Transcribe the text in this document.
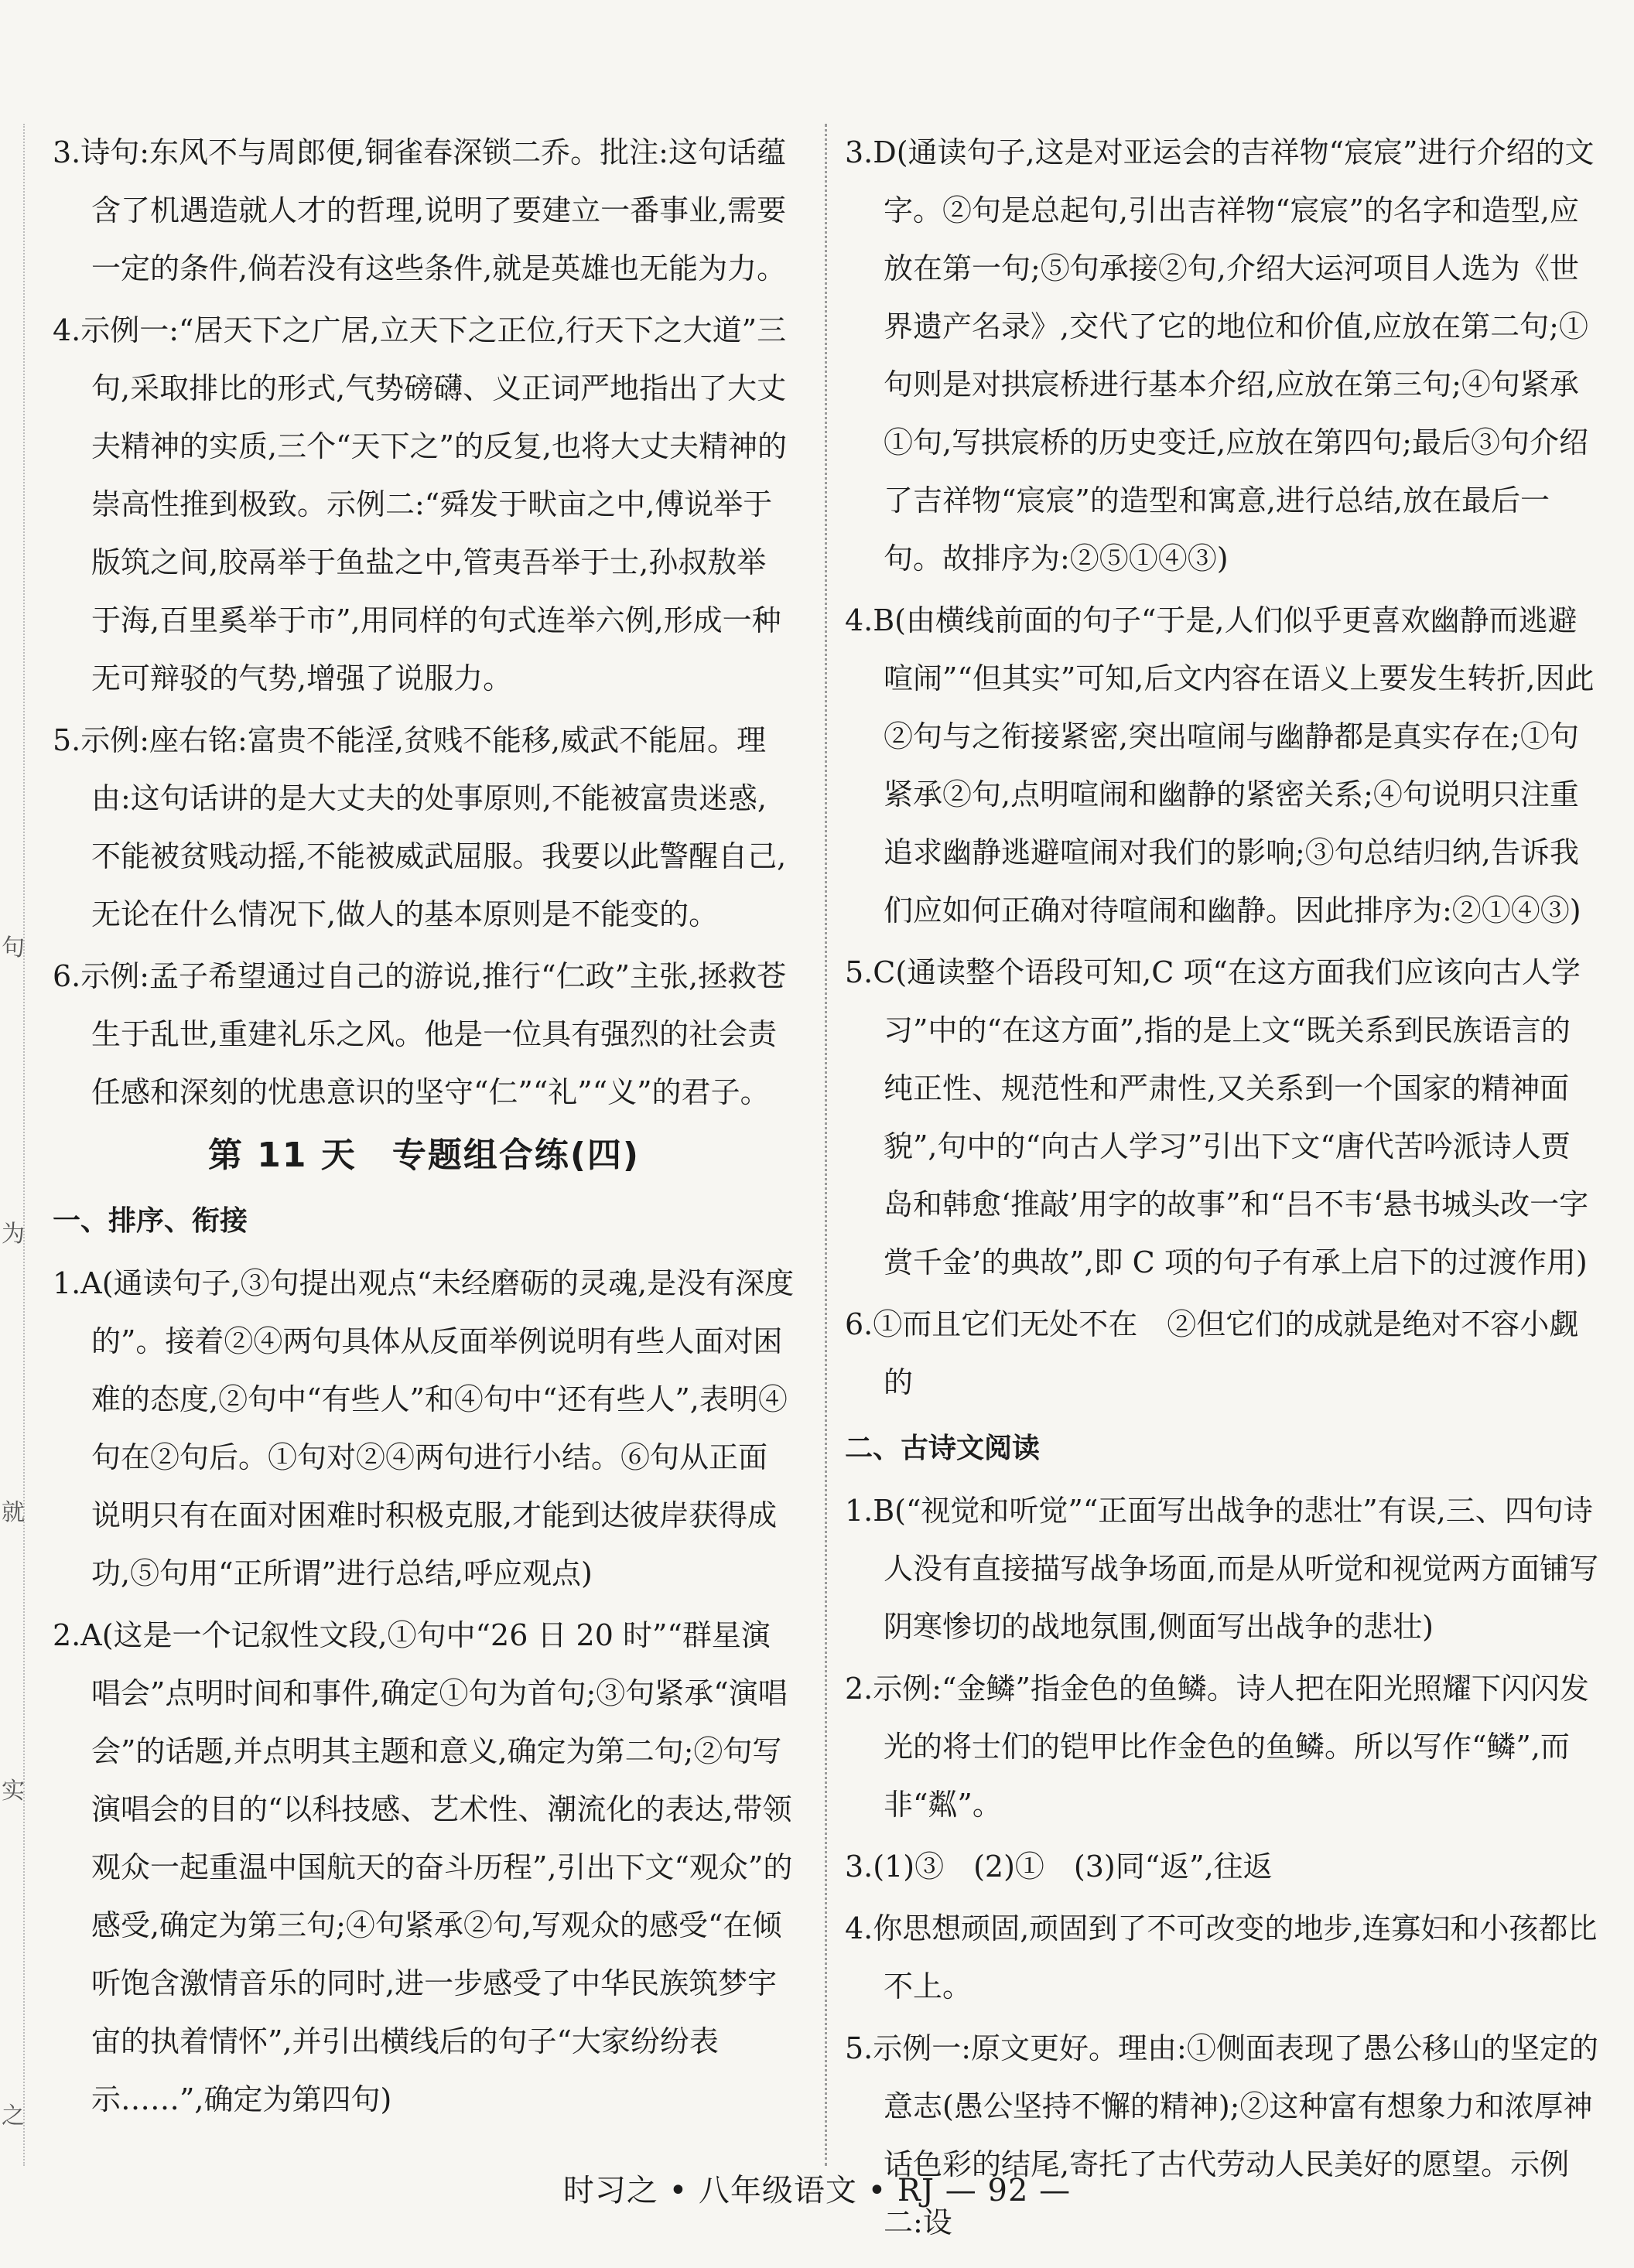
句
为
就
实
之

3.诗句:东风不与周郎便,铜雀春深锁二乔。批注:这句话蕴含了机遇造就人才的哲理,说明了要建立一番事业,需要一定的条件,倘若没有这些条件,就是英雄也无能为力。

4.示例一:“居天下之广居,立天下之正位,行天下之大道”三句,采取排比的形式,气势磅礴、义正词严地指出了大丈夫精神的实质,三个“天下之”的反复,也将大丈夫精神的崇高性推到极致。示例二:“舜发于畎亩之中,傅说举于版筑之间,胶鬲举于鱼盐之中,管夷吾举于士,孙叔敖举于海,百里奚举于市”,用同样的句式连举六例,形成一种无可辩驳的气势,增强了说服力。

5.示例:座右铭:富贵不能淫,贫贱不能移,威武不能屈。理由:这句话讲的是大丈夫的处事原则,不能被富贵迷惑,不能被贫贱动摇,不能被威武屈服。我要以此警醒自己,无论在什么情况下,做人的基本原则是不能变的。

6.示例:孟子希望通过自己的游说,推行“仁政”主张,拯救苍生于乱世,重建礼乐之风。他是一位具有强烈的社会责任感和深刻的忧患意识的坚守“仁”“礼”“义”的君子。

第 11 天　专题组合练(四)
一、排序、衔接

1.A(通读句子,③句提出观点“未经磨砺的灵魂,是没有深度的”。接着②④两句具体从反面举例说明有些人面对困难的态度,②句中“有些人”和④句中“还有些人”,表明④句在②句后。①句对②④两句进行小结。⑥句从正面说明只有在面对困难时积极克服,才能到达彼岸获得成功,⑤句用“正所谓”进行总结,呼应观点)

2.A(这是一个记叙性文段,①句中“26 日 20 时”“群星演唱会”点明时间和事件,确定①句为首句;③句紧承“演唱会”的话题,并点明其主题和意义,确定为第二句;②句写演唱会的目的“以科技感、艺术性、潮流化的表达,带领观众一起重温中国航天的奋斗历程”,引出下文“观众”的感受,确定为第三句;④句紧承②句,写观众的感受“在倾听饱含激情音乐的同时,进一步感受了中华民族筑梦宇宙的执着情怀”,并引出横线后的句子“大家纷纷表示……”,确定为第四句)

3.D(通读句子,这是对亚运会的吉祥物“宸宸”进行介绍的文字。②句是总起句,引出吉祥物“宸宸”的名字和造型,应放在第一句;⑤句承接②句,介绍大运河项目人选为《世界遗产名录》,交代了它的地位和价值,应放在第二句;①句则是对拱宸桥进行基本介绍,应放在第三句;④句紧承①句,写拱宸桥的历史变迁,应放在第四句;最后③句介绍了吉祥物“宸宸”的造型和寓意,进行总结,放在最后一句。故排序为:②⑤①④③)

4.B(由横线前面的句子“于是,人们似乎更喜欢幽静而逃避喧闹”“但其实”可知,后文内容在语义上要发生转折,因此②句与之衔接紧密,突出喧闹与幽静都是真实存在;①句紧承②句,点明喧闹和幽静的紧密关系;④句说明只注重追求幽静逃避喧闹对我们的影响;③句总结归纳,告诉我们应如何正确对待喧闹和幽静。因此排序为:②①④③)

5.C(通读整个语段可知,C 项“在这方面我们应该向古人学习”中的“在这方面”,指的是上文“既关系到民族语言的纯正性、规范性和严肃性,又关系到一个国家的精神面貌”,句中的“向古人学习”引出下文“唐代苦吟派诗人贾岛和韩愈‘推敲’用字的故事”和“吕不韦‘悬书城头改一字赏千金’的典故”,即 C 项的句子有承上启下的过渡作用)

6.①而且它们无处不在　②但它们的成就是绝对不容小觑的

二、古诗文阅读

1.B(“视觉和听觉”“正面写出战争的悲壮”有误,三、四句诗人没有直接描写战争场面,而是从听觉和视觉两方面铺写阴寒惨切的战地氛围,侧面写出战争的悲壮)

2.示例:“金鳞”指金色的鱼鳞。诗人把在阳光照耀下闪闪发光的将士们的铠甲比作金色的鱼鳞。所以写作“鳞”,而非“粼”。

3.(1)③　(2)①　(3)同“返”,往返

4.你思想顽固,顽固到了不可改变的地步,连寡妇和小孩都比不上。

5.示例一:原文更好。理由:①侧面表现了愚公移山的坚定的意志(愚公坚持不懈的精神);②这种富有想象力和浓厚神话色彩的结尾,寄托了古代劳动人民美好的愿望。示例二:设

时习之 • 八年级语文 • RJ — 92 —
